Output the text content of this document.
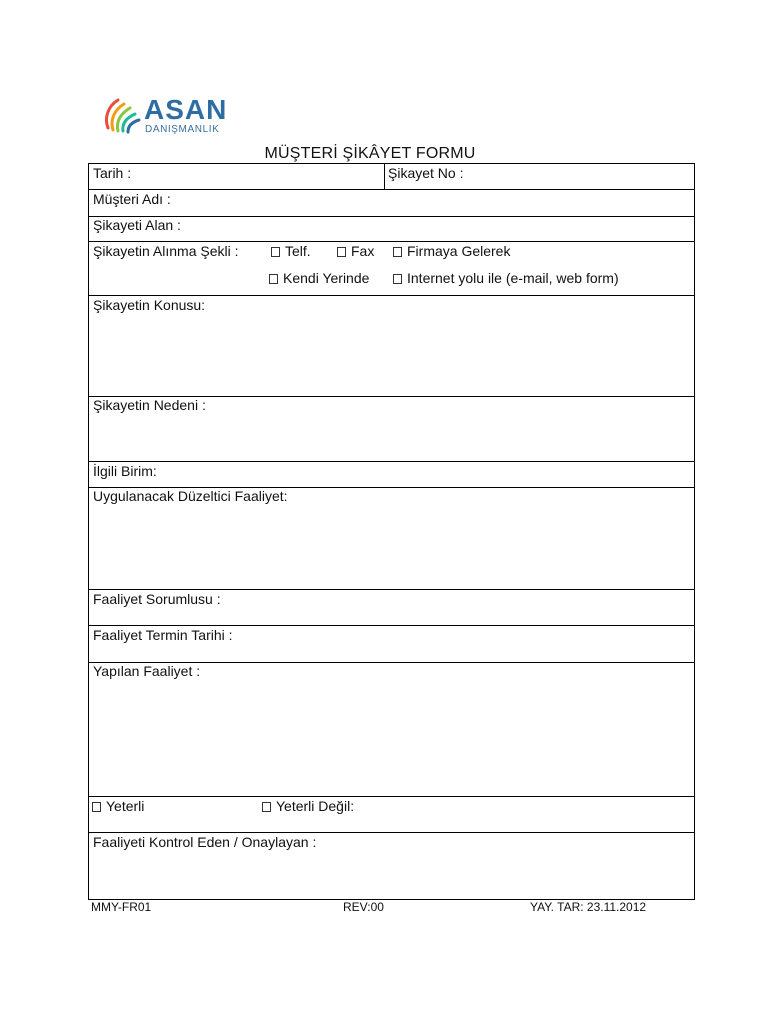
ASAN
DANIŞMANLIK
MÜŞTERİ ŞİKÂYET FORMU
Tarih :	Şikayet No :
Müşteri Adı :
Şikayeti Alan :
Şikayetin Alınma Şekli :	Telf.	Fax	Firmaya Gelerek
Kendi Yerinde	Internet yolu ile (e-mail, web form)
Şikayetin Konusu:
Şikayetin Nedeni :
İlgili Birim:
Uygulanacak Düzeltici Faaliyet:
Faaliyet Sorumlusu :
Faaliyet Termin Tarihi :
Yapılan Faaliyet :
Yeterli	Yeterli Değil:
Faaliyeti Kontrol Eden / Onaylayan :
MMY-FR01	REV:00	YAY. TAR: 23.11.2012
